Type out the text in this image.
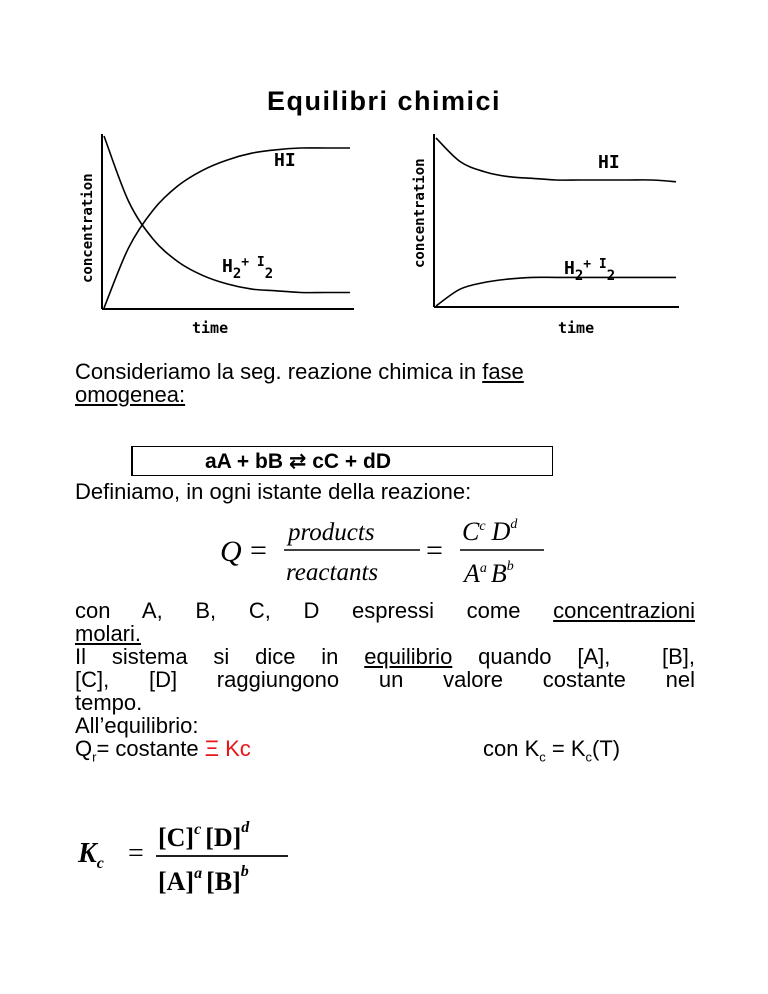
Equilibri chimici
concentration
time
HI
$H_2^{+ I}_2$
concentration
time
HI
$H_2^{+ I}_2$
Consideriamo la seg. reazione chimica in fase
omogenea:
aA + bB ⇄ cC + dD
Definiamo, in ogni istante della reazione:
Q =
products
reactants
=
$C^c$ $D^d$
$A^a$ $B^b$
con A, B, C, D espressi come concentrazioni
molari.
Il sistema si dice in equilibrio quando [A],  [B],
[C], [D] raggiungono un valore costante nel
tempo.
All’equilibrio:
$Q_r=$ costante Ξ Kc	con $K_c = K_c(T)$
$K_c$ =
$[C]^c$ $[D]^d$
$[A]^a$ $[B]^b$
